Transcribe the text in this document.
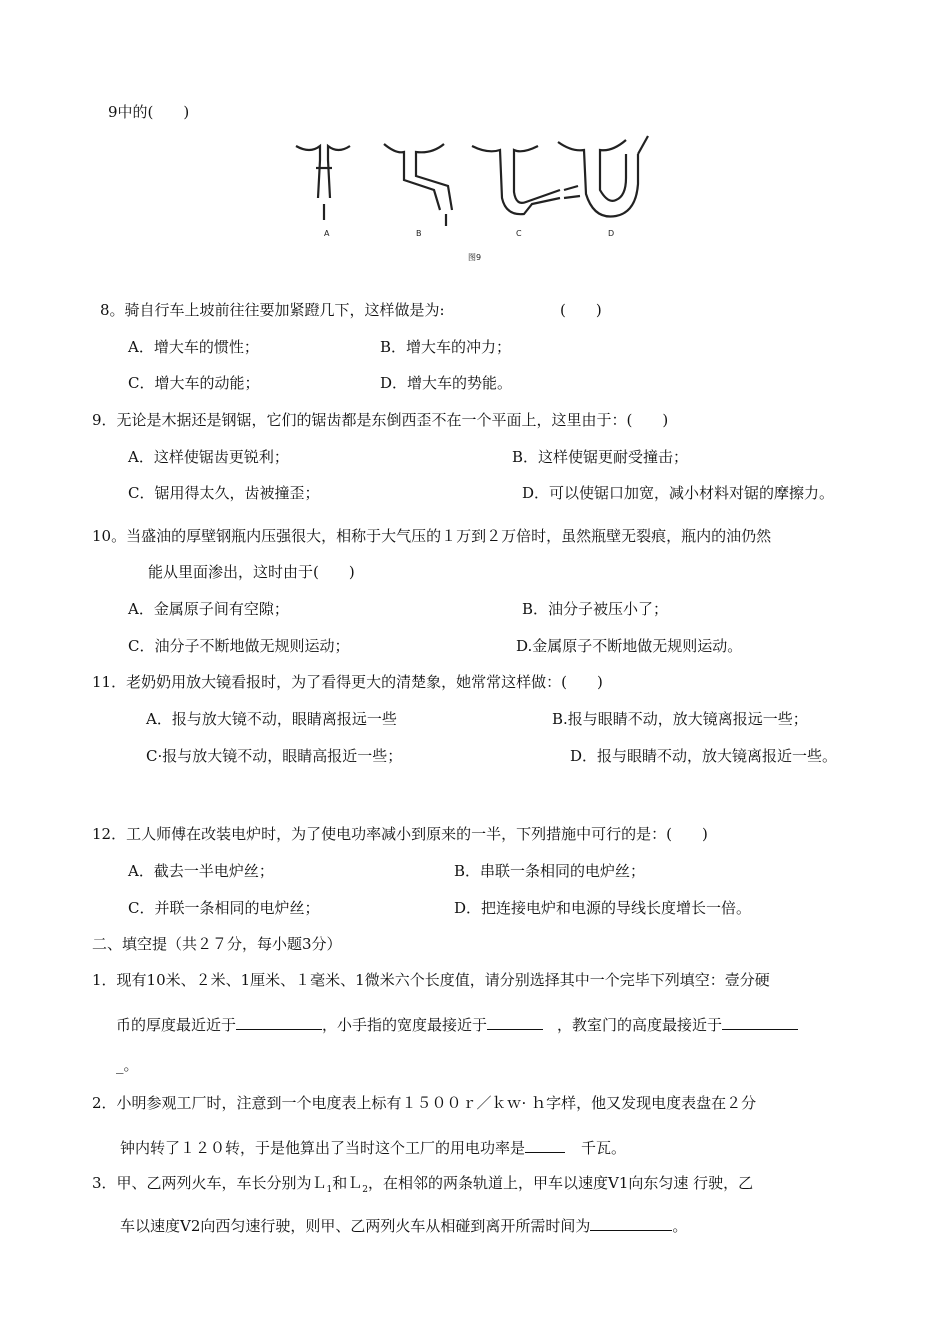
9中的(　　)
A	B	C	D
图9
8。骑自行车上坡前往往要加紧蹬几下，这样做是为:	(　　)
A．增大车的惯性；	B．增大车的冲力；
C．增大车的动能；	D．增大车的势能。
9．无论是木据还是钢锯，它们的锯齿都是东倒西歪不在一个平面上，这里由于：(　　)
A．这样使锯齿更锐利；	B．这样使锯更耐受撞击；
C．锯用得太久，齿被撞歪；	D．可以使锯口加宽，减小材料对锯的摩擦力。
10。当盛油的厚壁钢瓶内压强很大，相称于大气压的１万到２万倍时，虽然瓶壁无裂痕，瓶内的油仍然
能从里面渗出，这时由于(　　)
A．金属原子间有空隙；	B．油分子被压小了；
C．油分子不断地做无规则运动；	D.金属原子不断地做无规则运动。
11．老奶奶用放大镜看报时，为了看得更大的清楚象，她常常这样做：(　　)
A．报与放大镜不动，眼睛离报远一些	B.报与眼睛不动，放大镜离报远一些；
C·报与放大镜不动，眼睛高报近一些；	D．报与眼睛不动，放大镜离报近一些。
12．工人师傅在改装电炉时，为了使电功率减小到原来的一半，下列措施中可行的是：(　　)
A．截去一半电炉丝；	B．串联一条相同的电炉丝；
C．并联一条相同的电炉丝；	D．把连接电炉和电源的导线长度增长一倍。
二、填空提（共２７分，每小题3分）
1．现有10米、２米、1厘米、１毫米、1微米六个长度值，请分别选择其中一个完毕下列填空：壹分硬
币的厚度最近近于	，小手指的宽度最接近于	，教室门的高度最接近于
_。
2．小明参观工厂时，注意到一个电度表上标有１５００ｒ／ｋｗ· ｈ字样，他又发现电度表盘在２分
钟内转了１２０转，于是他算出了当时这个工厂的用电功率是	千瓦。
3．甲、乙两列火车，车长分别为Ｌ$_1$和Ｌ$_2$，在相邻的两条轨道上，甲车以速度V1向东匀速 行驶，乙
车以速度V2向西匀速行驶，则甲、乙两列火车从相碰到离开所需时间为	。
